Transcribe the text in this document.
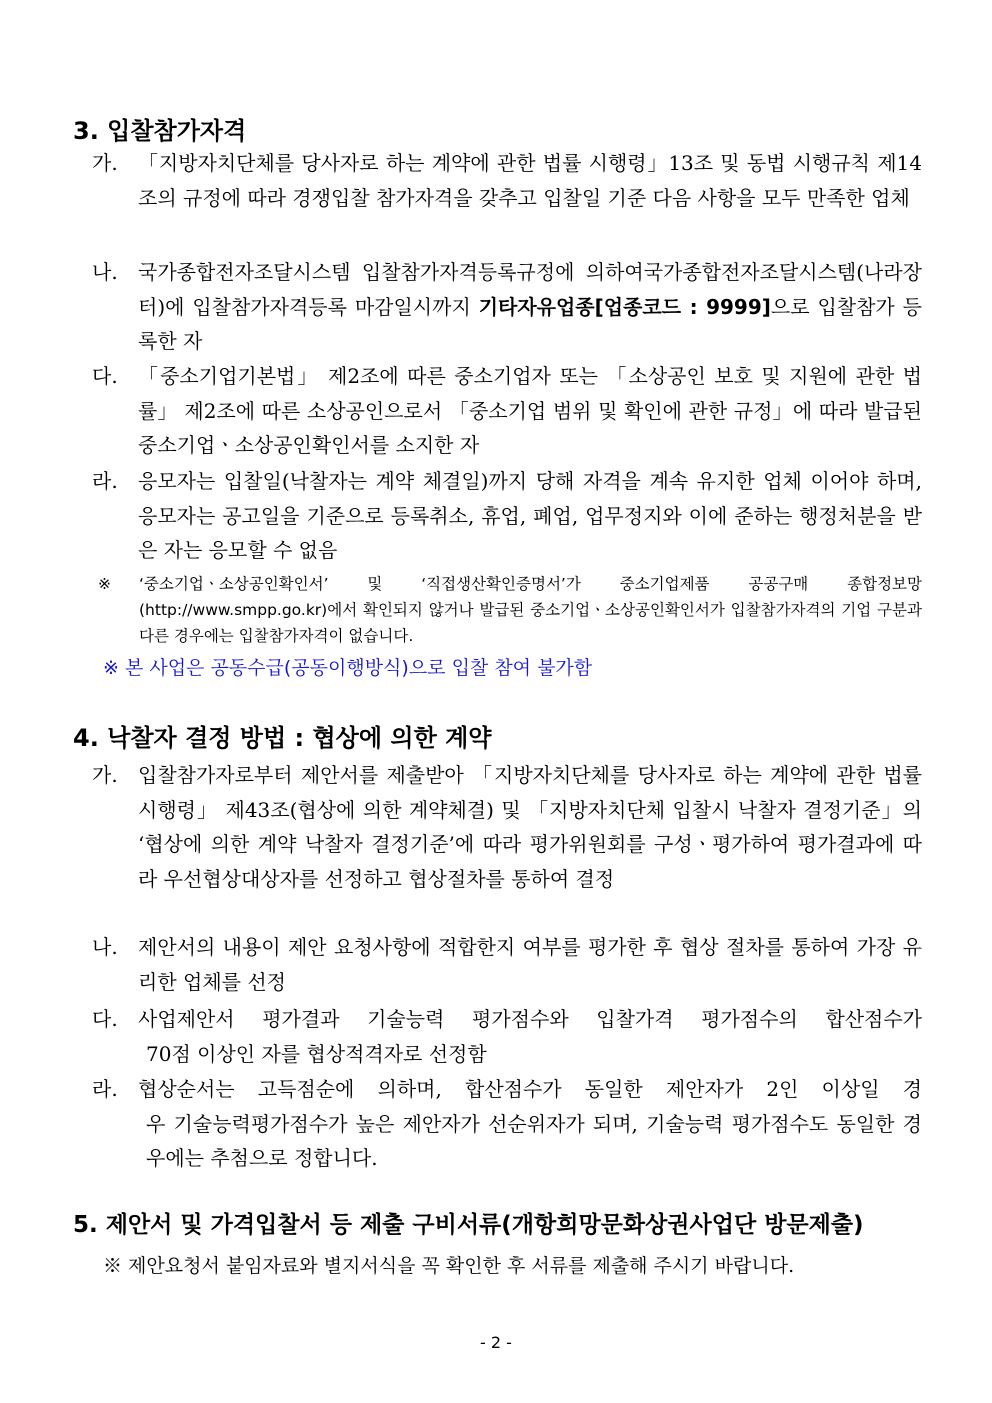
3. 입찰참가자격
가. 「지방자치단체를 당사자로 하는 계약에 관한 법률 시행령」13조 및 동법 시행규칙 제14조의 규정에 따라 경쟁입찰 참가자격을 갖추고 입찰일 기준 다음 사항을 모두 만족한 업체
나. 국가종합전자조달시스템 입찰참가자격등록규정에 의하여국가종합전자조달시스템(나라장터)에 입찰참가자격등록 마감일시까지 기타자유업종[업종코드 : 9999]으로 입찰참가 등록한 자
다. 「중소기업기본법」 제2조에 따른 중소기업자 또는 「소상공인 보호 및 지원에 관한 법률」 제2조에 따른 소상공인으로서 「중소기업 범위 및 확인에 관한 규정」에 따라 발급된 중소기업ㆍ소상공인확인서를 소지한 자
라. 응모자는 입찰일(낙찰자는 계약 체결일)까지 당해 자격을 계속 유지한 업체 이어야 하며, 응모자는 공고일을 기준으로 등록취소, 휴업, 폐업, 업무정지와 이에 준하는 행정처분을 받은 자는 응모할 수 없음
※ ‘중소기업ㆍ소상공인확인서’ 및 ‘직접생산확인증명서’가 중소기업제품 공공구매 종합정보망(http://www.smpp.go.kr)에서 확인되지 않거나 발급된 중소기업ㆍ소상공인확인서가 입찰참가자격의 기업 구분과 다른 경우에는 입찰참가자격이 없습니다.
※ 본 사업은 공동수급(공동이행방식)으로 입찰 참여 불가함
4. 낙찰자 결정 방법 : 협상에 의한 계약
가. 입찰참가자로부터 제안서를 제출받아 「지방자치단체를 당사자로 하는 계약에 관한 법률 시행령」 제43조(협상에 의한 계약체결) 및 「지방자치단체 입찰시 낙찰자 결정기준」의 ‘협상에 의한 계약 낙찰자 결정기준’에 따라 평가위원회를 구성ㆍ평가하여 평가결과에 따라 우선협상대상자를 선정하고 협상절차를 통하여 결정
나. 제안서의 내용이 제안 요청사항에 적합한지 여부를 평가한 후 협상 절차를 통하여 가장 유리한 업체를 선정
다. 사업제안서 평가결과 기술능력 평가점수와 입찰가격 평가점수의 합산점수가
70점 이상인 자를 협상적격자로 선정함
라. 협상순서는 고득점순에 의하며, 합산점수가 동일한 제안자가 2인 이상일 경
우 기술능력평가점수가 높은 제안자가 선순위자가 되며, 기술능력 평가점수도 동일한 경우에는 추첨으로 정합니다.
5. 제안서 및 가격입찰서 등 제출 구비서류(개항희망문화상권사업단 방문제출)
※ 제안요청서 붙임자료와 별지서식을 꼭 확인한 후 서류를 제출해 주시기 바랍니다.
- 2 -
